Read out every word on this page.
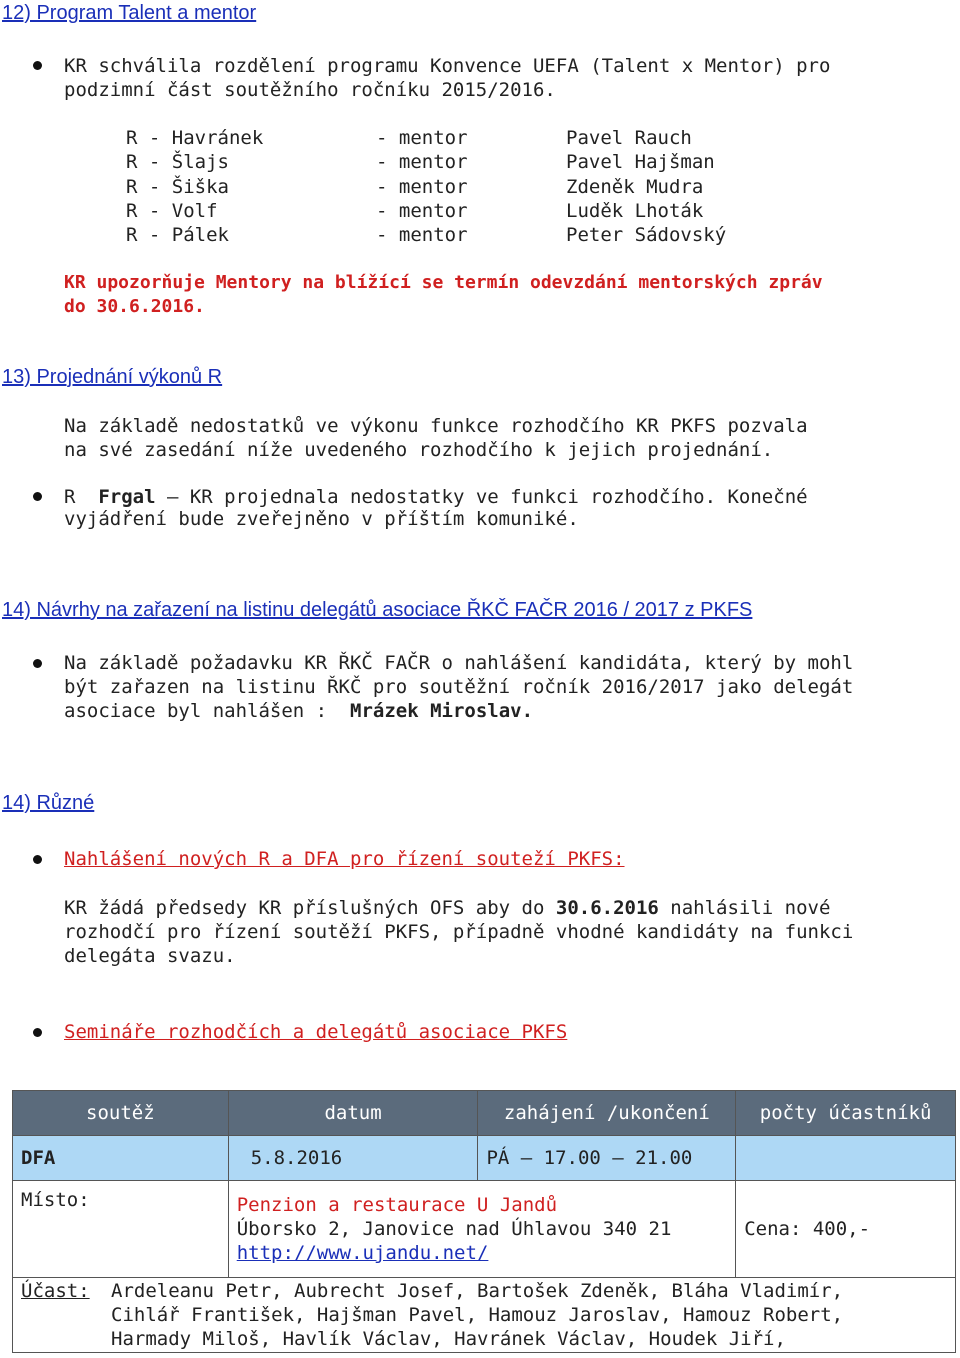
12) Program Talent a mentor
KR schválila rozdělení programu Konvence UEFA (Talent x Mentor) pro
podzimní část soutěžního ročníku 2015/2016.
R - Havránek	- mentor	Pavel Rauch
R - Šlajs	- mentor	Pavel Hajšman
R - Šiška	- mentor	Zdeněk Mudra
R - Volf	- mentor	Luděk Lhoták
R - Pálek	- mentor	Peter Sádovský
KR upozorňuje Mentory na blížící se termín odevzdání mentorských zpráv
do 30.6.2016.
13) Projednání výkonů R
Na základě nedostatků ve výkonu funkce rozhodčího KR PKFS pozvala
na své zasedání níže uvedeného rozhodčího k jejich projednání.
R Frgal – KR projednala nedostatky ve funkci rozhodčího. Konečné
vyjádření bude zveřejněno v příštím komuniké.
14) Návrhy na zařazení na listinu delegátů asociace ŘKČ FAČR 2016 / 2017 z PKFS
Na základě požadavku KR ŘKČ FAČR o nahlášení kandidáta, který by mohl
být zařazen na listinu ŘKČ pro soutěžní ročník 2016/2017 jako delegát
asociace byl nahlášen : Mrázek Miroslav.
14) Různé
Nahlášení nových R a DFA pro řízení souteží PKFS:
KR žádá předsedy KR příslušných OFS aby do 30.6.2016 nahlásili nové
rozhodčí pro řízení soutěží PKFS, případně vhodné kandidáty na funkci
delegáta svazu.
Semináře rozhodčích a delegátů asociace PKFS
soutěž	datum	zahájení /ukončení	počty účastníků
DFA	5.8.2016	PÁ – 17.00 – 21.00	
Místo:	Penzion a restaurace U Jandů
Úborsko 2, Janovice nad Úhlavou 340 21
http://www.ujandu.net/		Cena: 400,-

Účast: Ardeleanu Petr, Aubrecht Josef, Bartošek Zdeněk, Bláha Vladimír,
Cihlář František, Hajšman Pavel, Hamouz Jaroslav, Hamouz Robert,
Harmady Miloš, Havlík Václav, Havránek Václav, Houdek Jiří,			
